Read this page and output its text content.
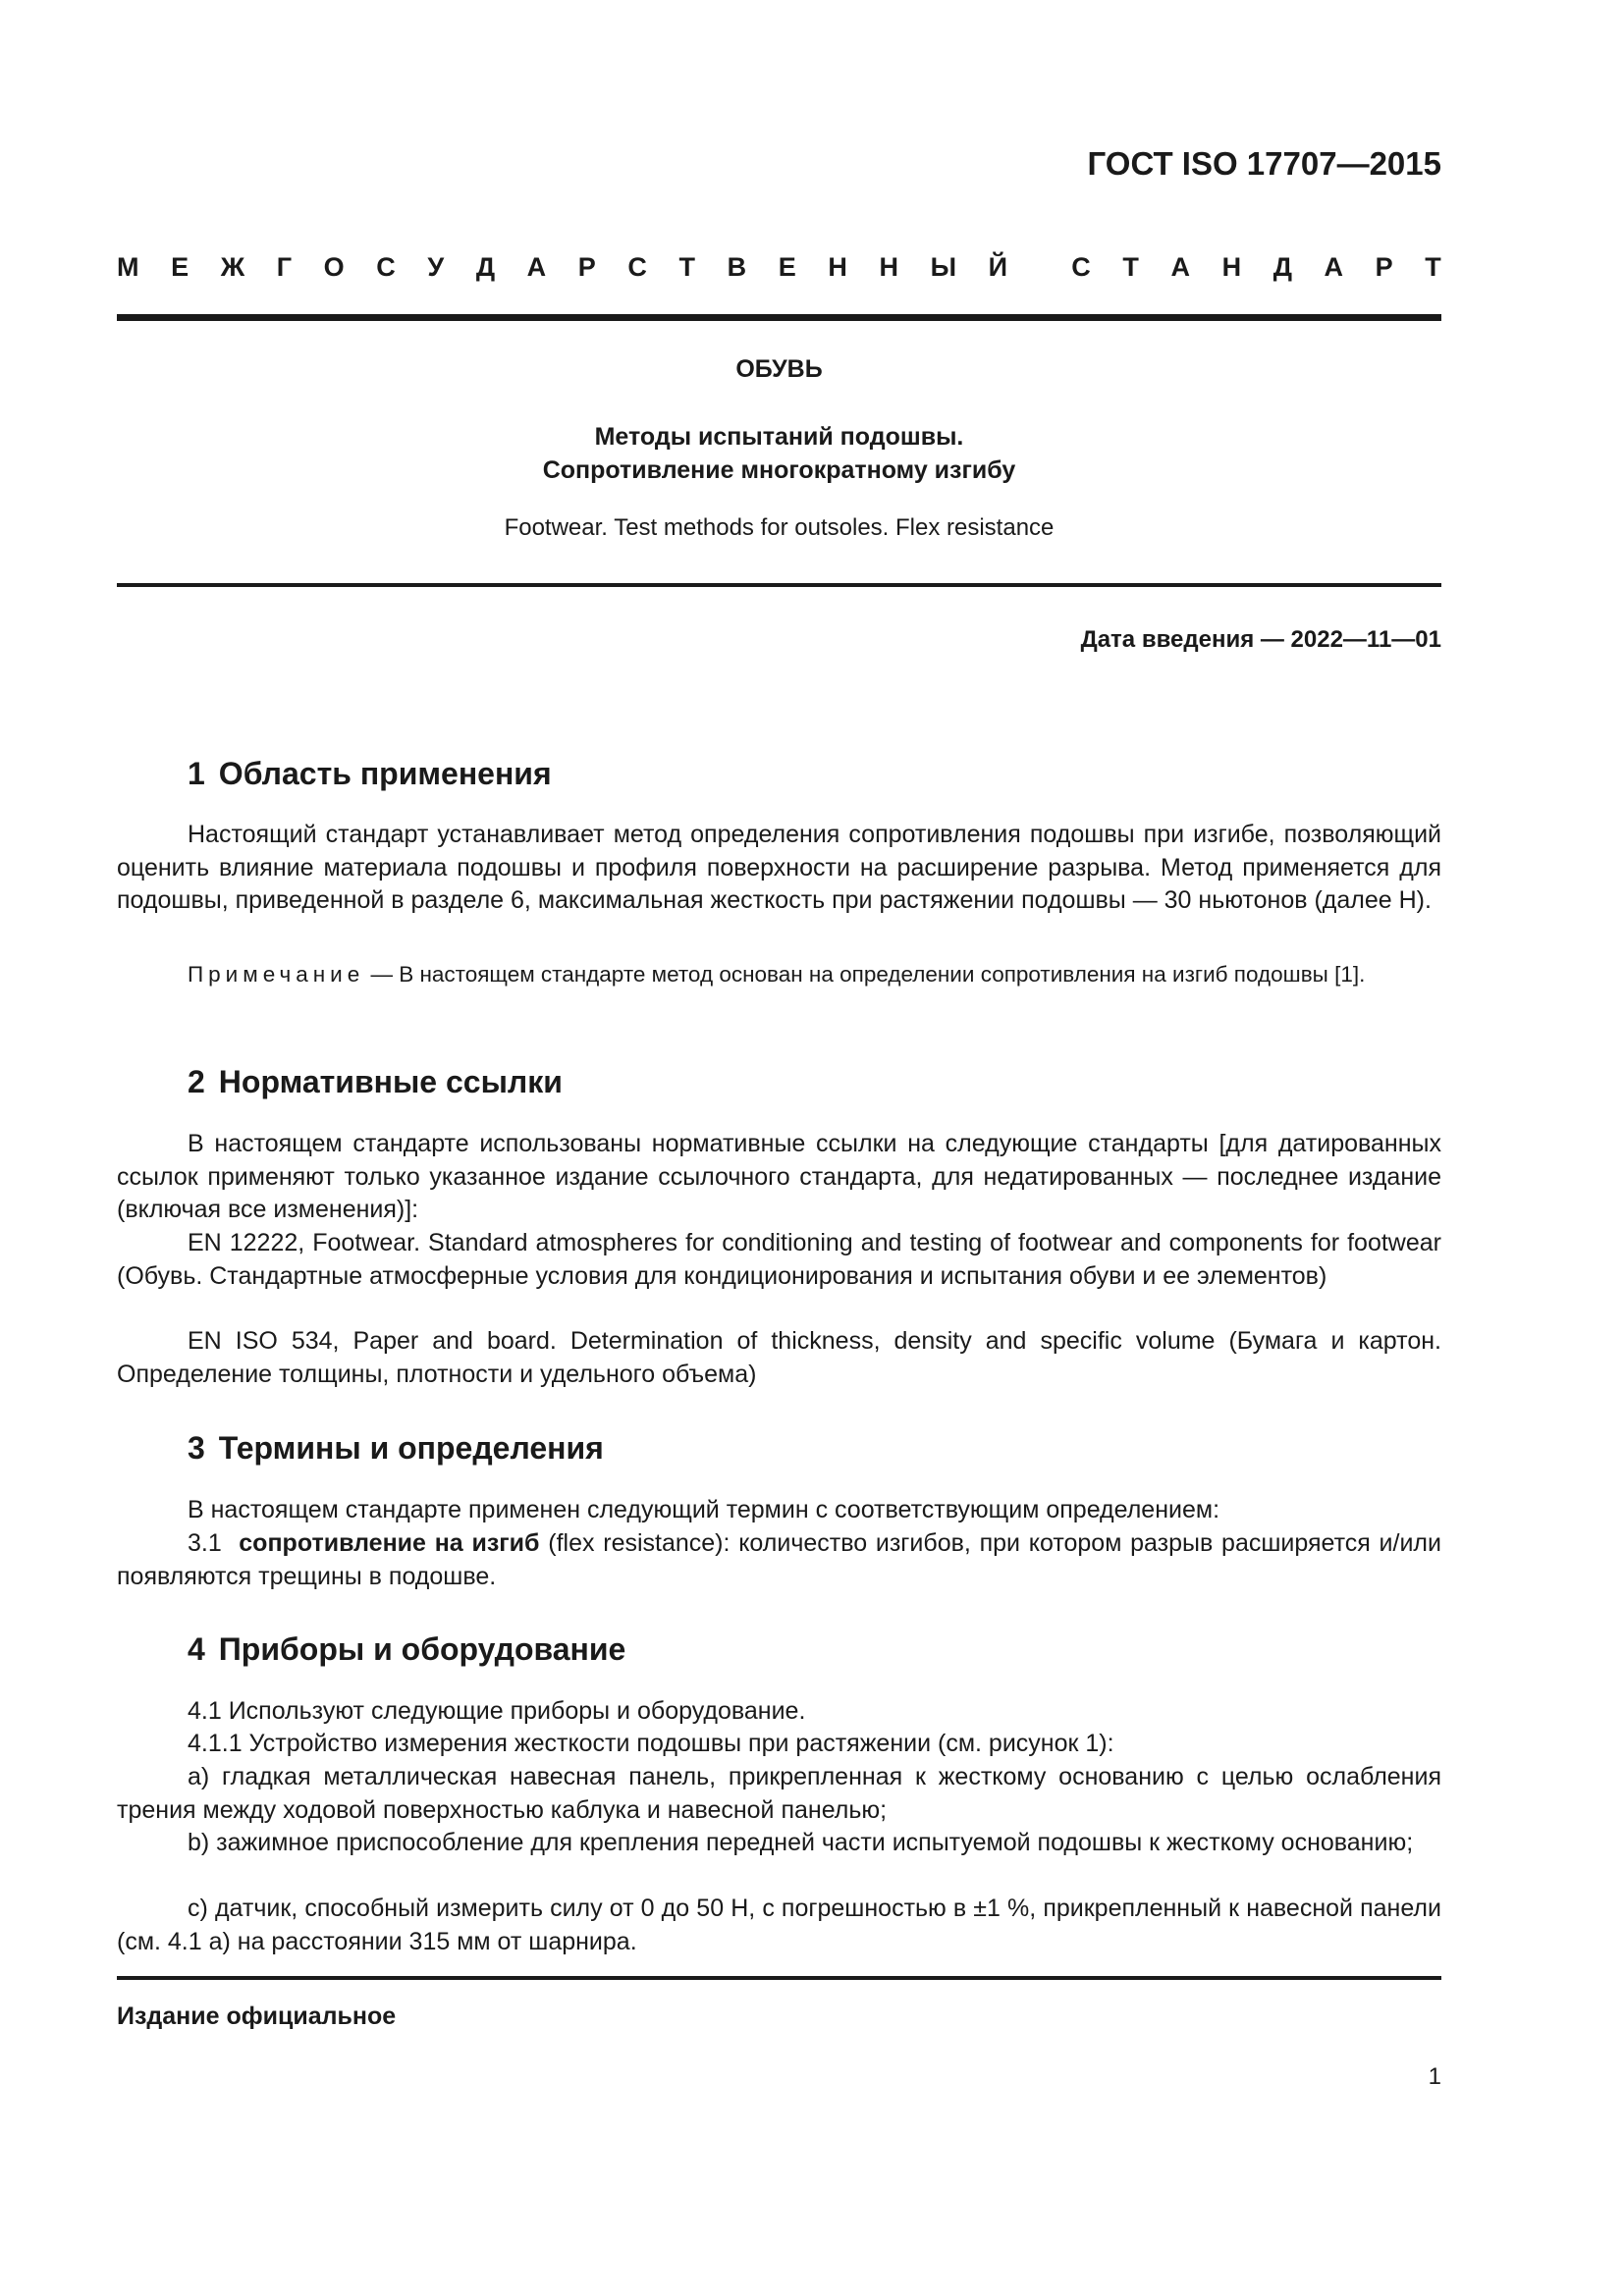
ГОСТ ISO 17707—2015
М Е Ж Г О С У Д А Р С Т В Е Н Н Ы Й С Т А Н Д А Р Т
ОБУВЬ
Методы испытаний подошвы.
Сопротивление многократному изгибу
Footwear. Test methods for outsoles. Flex resistance
Дата введения — 2022—11—01
1 Область применения
Настоящий стандарт устанавливает метод определения сопротивления подошвы при изгибе, позволяющий оценить влияние материала подошвы и профиля поверхности на расширение разрыва. Метод применяется для подошвы, приведенной в разделе 6, максимальная жесткость при растяжении подошвы — 30 ньютонов (далее Н).
Примечание — В настоящем стандарте метод основан на определении сопротивления на изгиб подошвы [1].
2 Нормативные ссылки
В настоящем стандарте использованы нормативные ссылки на следующие стандарты [для датированных ссылок применяют только указанное издание ссылочного стандарта, для недатированных — последнее издание (включая все изменения)]:
EN 12222, Footwear. Standard atmospheres for conditioning and testing of footwear and components for footwear (Обувь. Стандартные атмосферные условия для кондиционирования и испытания обуви и ее элементов)
EN ISO 534, Paper and board. Determination of thickness, density and specific volume (Бумага и картон. Определение толщины, плотности и удельного объема)
3 Термины и определения
В настоящем стандарте применен следующий термин с соответствующим определением:
3.1 сопротивление на изгиб (flex resistance): количество изгибов, при котором разрыв расширяется и/или появляются трещины в подошве.
4 Приборы и оборудование
4.1 Используют следующие приборы и оборудование.
4.1.1 Устройство измерения жесткости подошвы при растяжении (см. рисунок 1):
а) гладкая металлическая навесная панель, прикрепленная к жесткому основанию с целью ослабления трения между ходовой поверхностью каблука и навесной панелью;
b) зажимное приспособление для крепления передней части испытуемой подошвы к жесткому основанию;
c) датчик, способный измерить силу от 0 до 50 Н, с погрешностью в ±1 %, прикрепленный к навесной панели (см. 4.1 а) на расстоянии 315 мм от шарнира.
Издание официальное
1
